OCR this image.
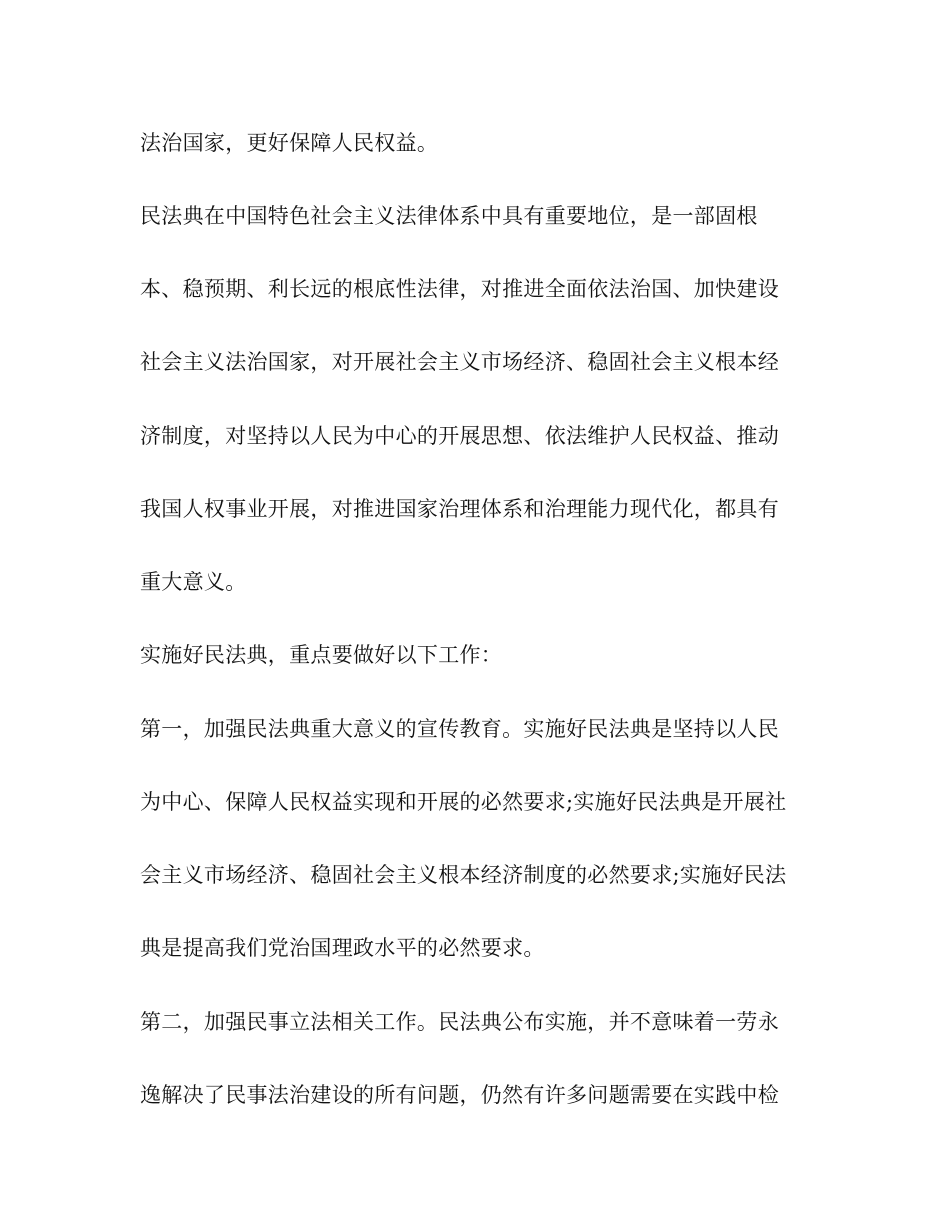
法治国家，更好保障人民权益。
民法典在中国特色社会主义法律体系中具有重要地位，是一部固根
本、稳预期、利长远的根底性法律，对推进全面依法治国、加快建设
社会主义法治国家，对开展社会主义市场经济、稳固社会主义根本经
济制度，对坚持以人民为中心的开展思想、依法维护人民权益、推动
我国人权事业开展，对推进国家治理体系和治理能力现代化，都具有
重大意义。
实施好民法典，重点要做好以下工作：
第一，加强民法典重大意义的宣传教育。实施好民法典是坚持以人民
为中心、保障人民权益实现和开展的必然要求;实施好民法典是开展社
会主义市场经济、稳固社会主义根本经济制度的必然要求;实施好民法
典是提高我们党治国理政水平的必然要求。
第二，加强民事立法相关工作。民法典公布实施，并不意味着一劳永
逸解决了民事法治建设的所有问题，仍然有许多问题需要在实践中检
